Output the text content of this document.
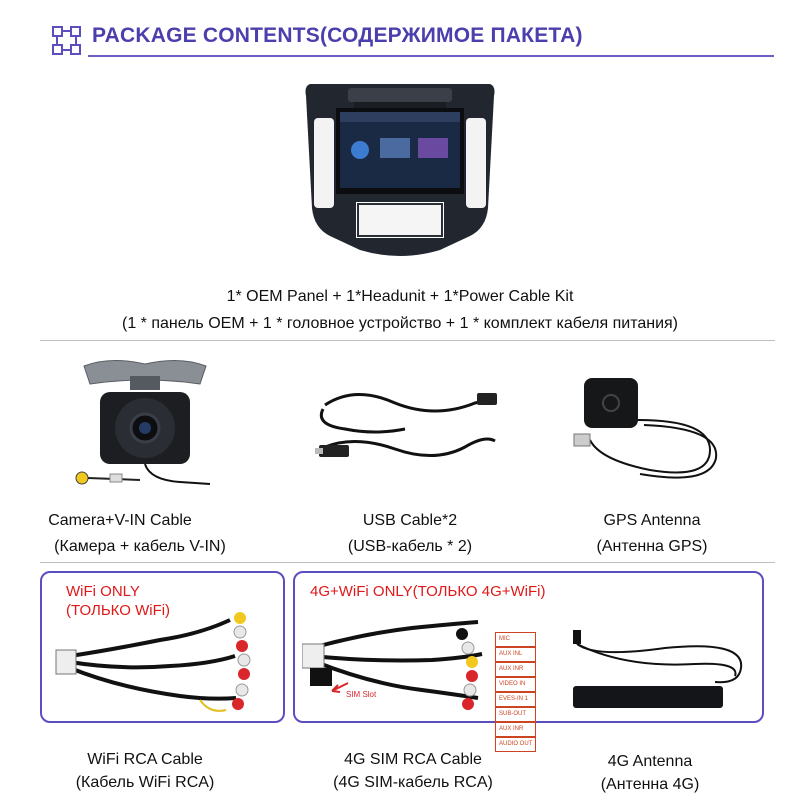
PACKAGE CONTENTS(СОДЕРЖИМОЕ ПАКЕТА)
1* OEM Panel + 1*Headunit + 1*Power Cable Kit
(1 * панель OEM + 1 * головное устройство + 1 * комплект кабеля питания)
Camera+V-IN Cable
(Камера + кабель V-IN)
USB Cable*2
(USB-кабель * 2)
GPS Antenna
(Антенна GPS)
WiFi ONLY
(ТОЛЬКО WiFi)
4G+WiFi ONLY(ТОЛЬКО 4G+WiFi)
MIC
AUX INL
AUX INR
VIDEO IN
EVES-IN 1
SUB-OUT
AUX INR
AUDIO OUT
SIM Slot
WiFi RCA Cable
(Кабель WiFi RCA)
4G SIM RCA Cable
(4G SIM-кабель RCA)
4G Antenna
(Антенна 4G)
